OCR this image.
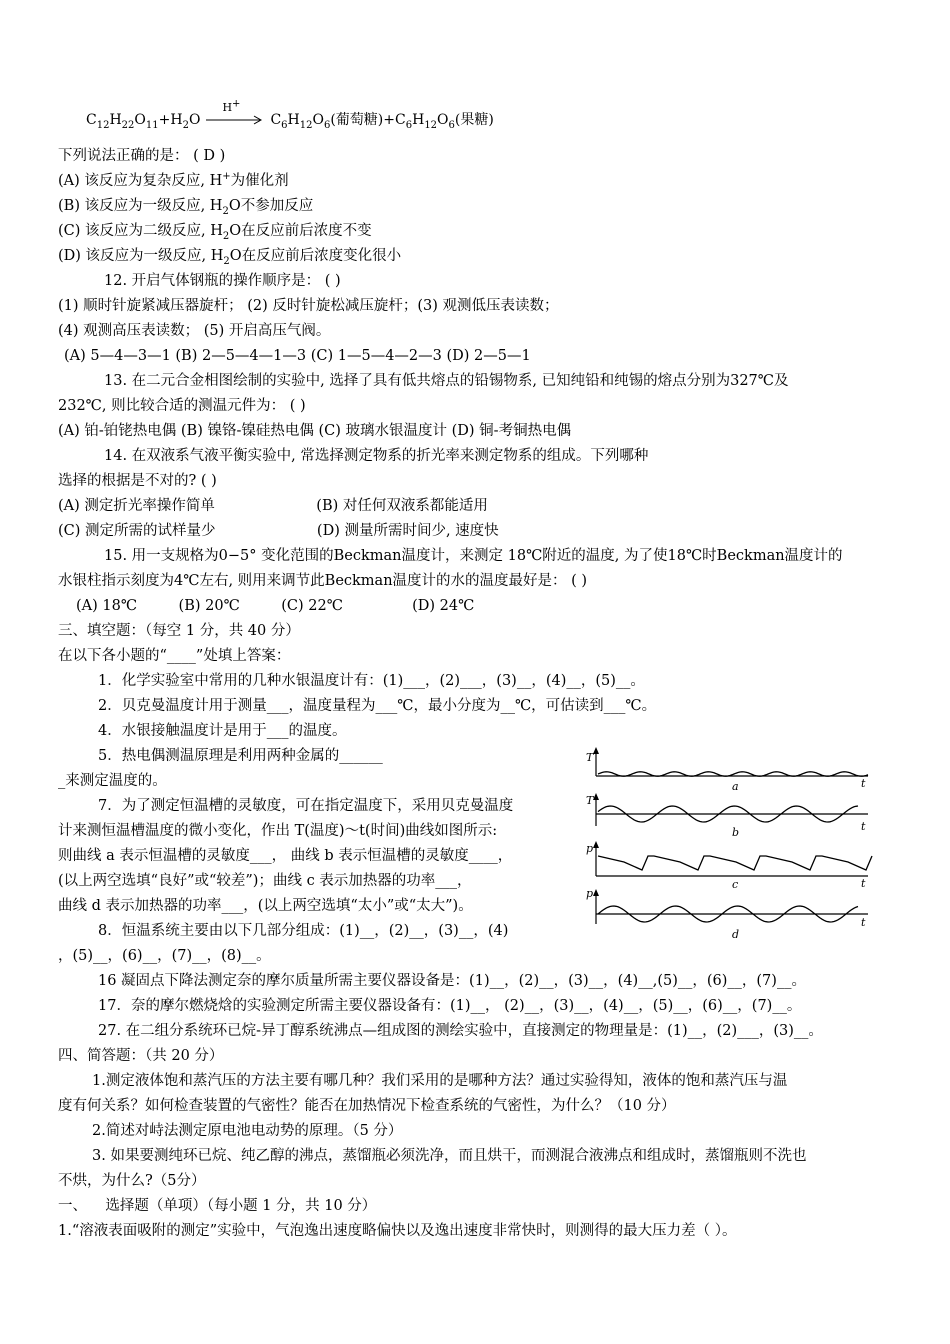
$C_{12}H_{22}O_{11}+H_2O$
H+
$C_6H_{12}O_6$(葡萄糖)$+C_6H_{12}O_6$(果糖)
下列说法正确的是： ( D )
(A) 该反应为复杂反应, H+为催化剂
(B) 该反应为一级反应, $H_2O$不参加反应
(C) 该反应为二级反应, $H_2O$在反应前后浓度不变
(D) 该反应为一级反应, $H_2O$在反应前后浓度变化很小
12. 开启气体钢瓶的操作顺序是： ( )
(1) 顺时针旋紧减压器旋杆； (2) 反时针旋松减压旋杆；(3) 观测低压表读数；
(4) 观测高压表读数； (5) 开启高压气阀。
(A) 5—4—3—1 (B) 2—5—4—1—3 (C) 1—5—4—2—3 (D) 2—5—1
13. 在二元合金相图绘制的实验中, 选择了具有低共熔点的铅锡物系, 已知纯铅和纯锡的熔点分别为327℃及
232℃, 则比较合适的测温元件为： ( )
(A) 铂-铂铑热电偶 (B) 镍铬-镍硅热电偶 (C) 玻璃水银温度计 (D) 铜-考铜热电偶
14. 在双液系气液平衡实验中, 常选择测定物系的折光率来测定物系的组成。下列哪种
选择的根据是不对的? ( )
(A) 测定折光率操作简单                      (B) 对任何双液系都能适用
(C) 测定所需的试样量少                      (D) 测量所需时间少, 速度快
15. 用一支规格为0−5° 变化范围的Beckman温度计，来测定 18℃附近的温度, 为了使18℃时Beckman温度计的
水银柱指示刻度为4℃左右, 则用来调节此Beckman温度计的水的温度最好是： ( )
(A) 18℃         (B) 20℃         (C) 22℃               (D) 24℃
三、填空题：（每空 1 分，共 40 分）
在以下各小题的“____”处填上答案：
1．化学实验室中常用的几种水银温度计有：(1)___，(2)___，(3)__，(4)__，(5)__。
2．贝克曼温度计用于测量___，温度量程为___℃，最小分度为__℃，可估读到___℃。
4．水银接触温度计是用于___的温度。
5．热电偶测温原理是利用两种金属的______
_来测定温度的。
7．为了测定恒温槽的灵敏度，可在指定温度下，采用贝克曼温度
计来测恒温槽温度的微小变化，作出 T(温度)～t(时间)曲线如图所示:
则曲线 a 表示恒温槽的灵敏度___， 曲线 b 表示恒温槽的灵敏度____，
(以上两空选填“良好”或“较差”)；曲线 c 表示加热器的功率___，
曲线 d 表示加热器的功率___，(以上两空选填“太小”或“太大”)。
8．恒温系统主要由以下几部分组成：(1)__，(2)__，(3)__，(4)
，(5)__，(6)__，(7)__，(8)__。
16 凝固点下降法测定奈的摩尔质量所需主要仪器设备是：(1)__，(2)__，(3)__，(4)__,(5)__，(6)__，(7)__。
17．奈的摩尔燃烧焓的实验测定所需主要仪器设备有：(1)__， (2)__，(3)__，(4)__，(5)__，(6)__，(7)__。
27. 在二组分系统环已烷-异丁醇系统沸点—组成图的测绘实验中，直接测定的物理量是：(1)__，(2)___，(3)__。
四、简答题：（共 20 分）
1.测定液体饱和蒸汽压的方法主要有哪几种？我们采用的是哪种方法？通过实验得知，液体的饱和蒸汽压与温
度有何关系？如何检查装置的气密性？能否在加热情况下检查系统的气密性，为什么？（10 分）
2.简述对峙法测定原电池电动势的原理。（5 分）
3. 如果要测纯环已烷、纯乙醇的沸点，蒸馏瓶必须洗净，而且烘干，而测混合液沸点和组成时，蒸馏瓶则不洗也
不烘，为什么?（5分）
一、    选择题（单项）（每小题 1 分，共 10 分）
1.“溶液表面吸附的测定”实验中，气泡逸出速度略偏快以及逸出速度非常快时，则测得的最大压力差（ ）。
T
t
a
T
t
b
p
t
c
p
t
d
